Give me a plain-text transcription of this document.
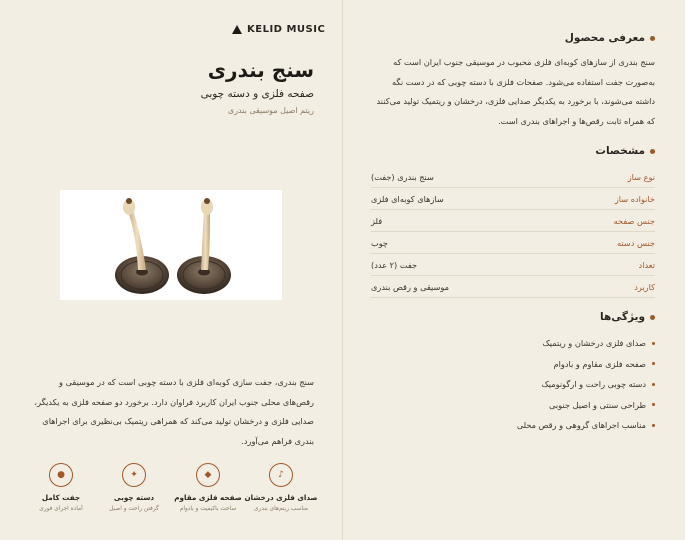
معرفی محصول
سنج بندری از سازهای کوبه‌ای فلزی محبوب در موسیقی جنوب ایران است که به‌صورت جفت استفاده می‌شود. صفحات فلزی با دسته چوبی که در دست نگه داشته می‌شوند، با برخورد به یکدیگر صدایی فلزی، درخشان و ریتمیک تولید می‌کنند که همراه ثابت رقص‌ها و اجراهای بندری است.
مشخصات
نوع ساز
سنج بندری (جفت)
خانواده ساز
سازهای کوبه‌ای فلزی
جنس صفحه
فلز
جنس دسته
چوب
تعداد
جفت (۲ عدد)
کاربرد
موسیقی و رقص بندری
ویژگی‌ها
صدای فلزی درخشان و ریتمیک
صفحه فلزی مقاوم و بادوام
دسته چوبی راحت و ارگونومیک
طراحی سنتی و اصیل جنوبی
مناسب اجراهای گروهی و رقص محلی
KELID MUSIC
سنج بندری
صفحه فلزی و دسته چوبی
ریتم اصیل موسیقی بندری
سنج بندری، جفت سازی کوبه‌ای فلزی با دسته چوبی است که در موسیقی و رقص‌های محلی جنوب ایران کاربرد فراوان دارد. برخورد دو صفحه فلزی به یکدیگر، صدایی فلزی و درخشان تولید می‌کند که همراهی ریتمیک بی‌نظیری برای اجراهای بندری فراهم می‌آورد.
♪
صدای فلزی درخشان
مناسب ریتم‌های بندری
◆
صفحه فلزی مقاوم
ساخت باکیفیت و بادوام
✦
دسته چوبی
گرفتن راحت و اصیل
●
جفت کامل
آماده اجرای فوری
